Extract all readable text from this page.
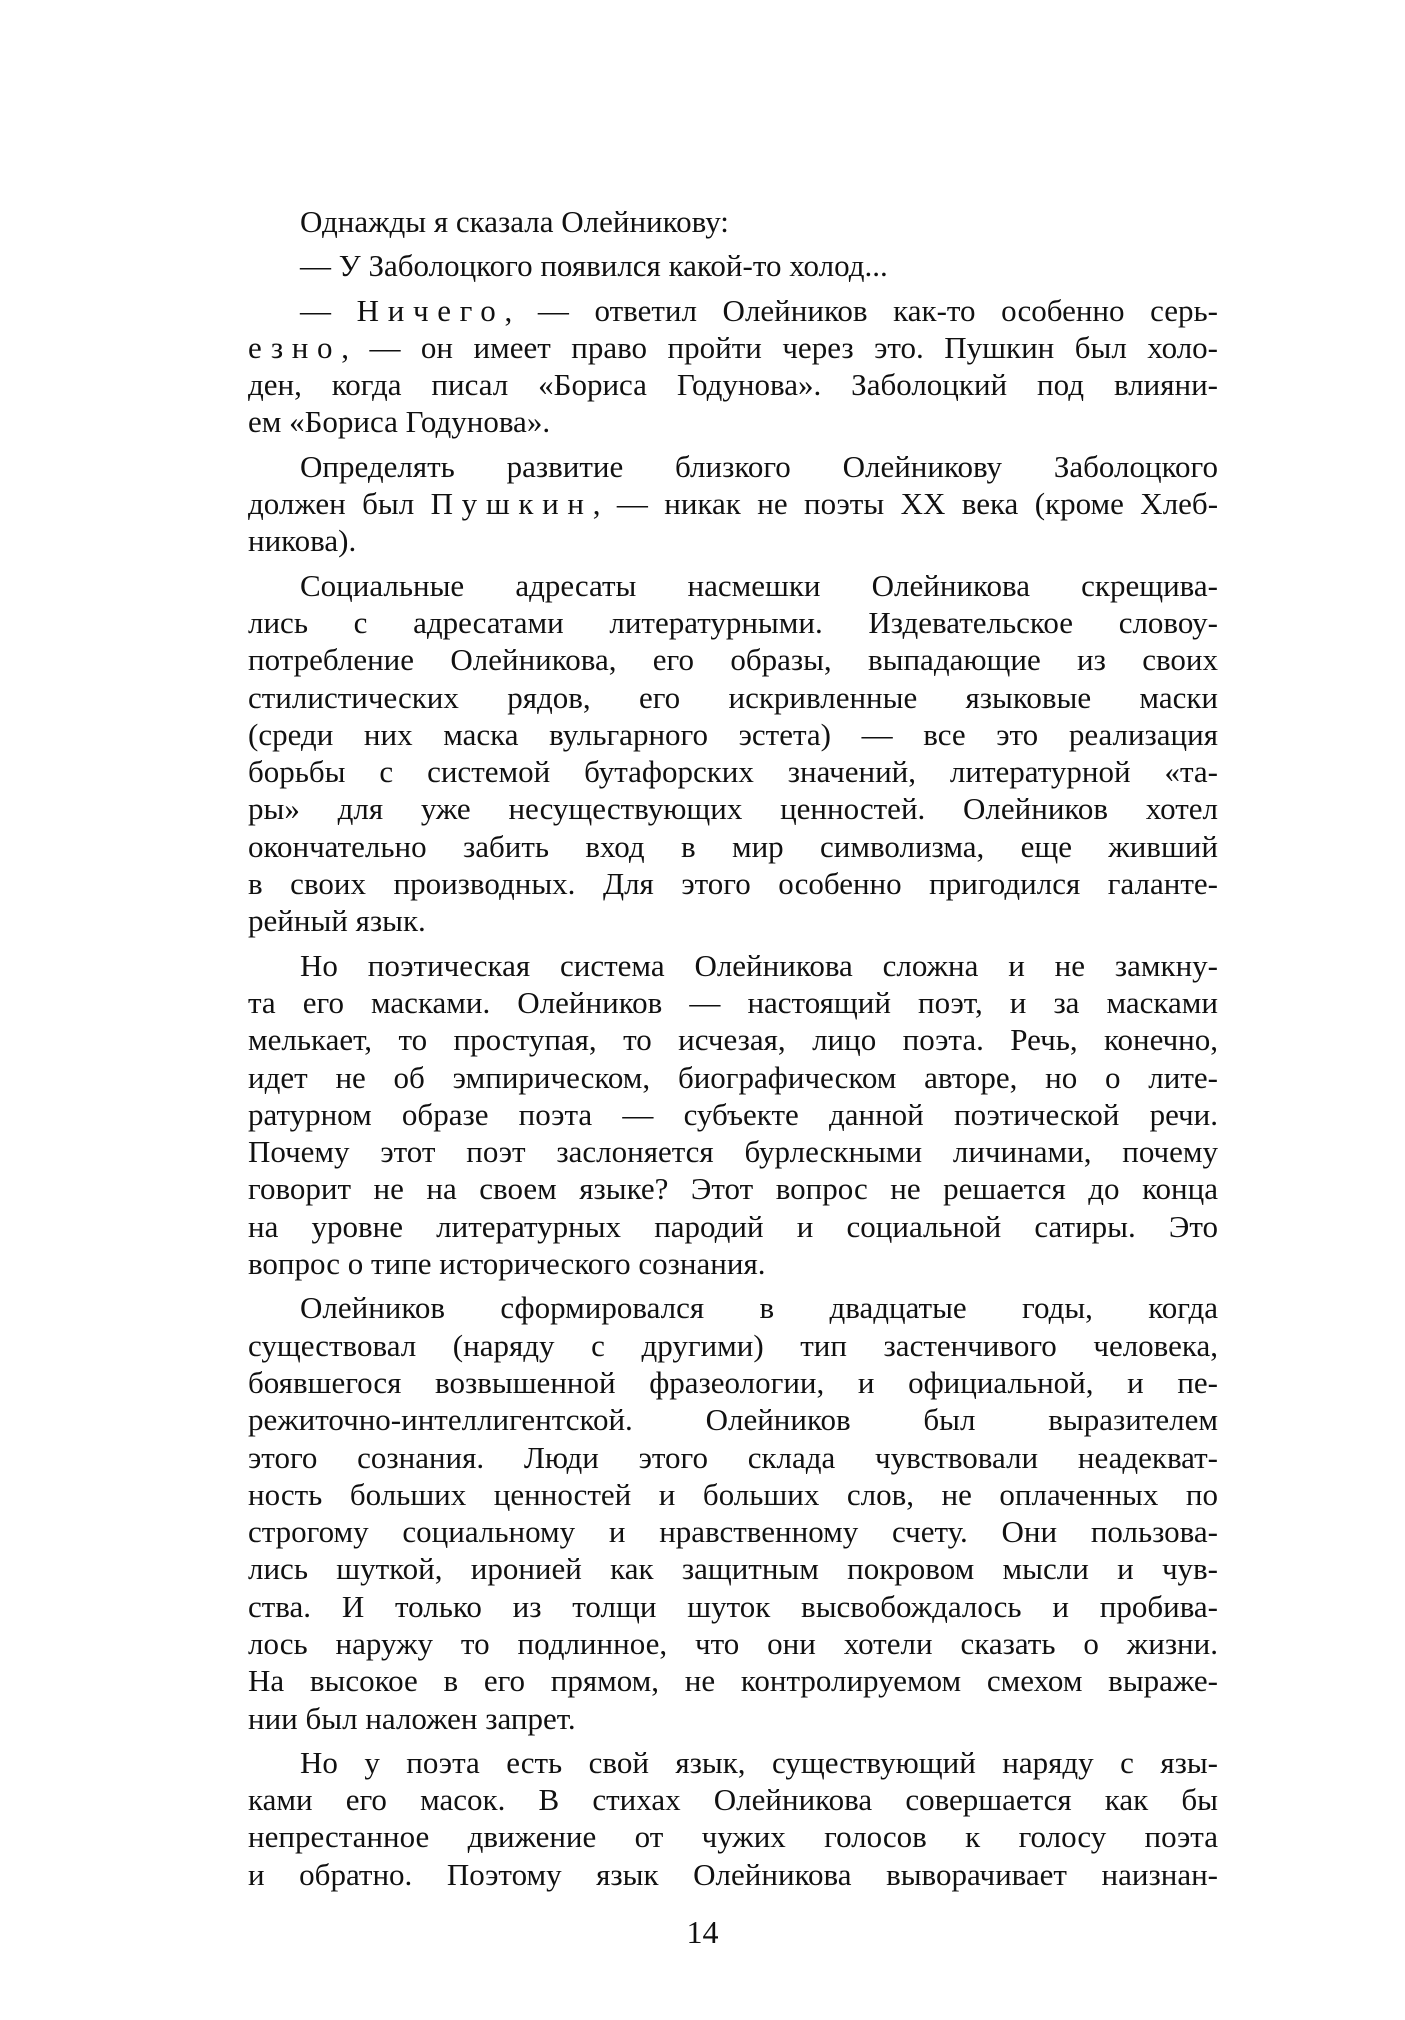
Однажды я сказала Олейникову:
— У Заболоцкого появился какой-то холод...
— Ничего, — ответил Олейников как-то особенно серь-
езно, — он имеет право пройти через это. Пушкин был холо-
ден, когда писал «Бориса Годунова». Заболоцкий под влияни-
ем «Бориса Годунова».
Определять развитие близкого Олейникову Заболоцкого
должен был Пушкин, — никак не поэты XX века (кроме Хлеб-
никова).
Социальные адресаты насмешки Олейникова скрещива-
лись с адресатами литературными. Издевательское словоу-
потребление Олейникова, его образы, выпадающие из своих
стилистических рядов, его искривленные языковые маски
(среди них маска вульгарного эстета) — все это реализация
борьбы с системой бутафорских значений, литературной «та-
ры» для уже несуществующих ценностей. Олейников хотел
окончательно забить вход в мир символизма, еще живший
в своих производных. Для этого особенно пригодился галанте-
рейный язык.
Но поэтическая система Олейникова сложна и не замкну-
та его масками. Олейников — настоящий поэт, и за масками
мелькает, то проступая, то исчезая, лицо поэта. Речь, конечно,
идет не об эмпирическом, биографическом авторе, но о лите-
ратурном образе поэта — субъекте данной поэтической речи.
Почему этот поэт заслоняется бурлескными личинами, почему
говорит не на своем языке? Этот вопрос не решается до конца
на уровне литературных пародий и социальной сатиры. Это
вопрос о типе исторического сознания.
Олейников сформировался в двадцатые годы, когда
существовал (наряду с другими) тип застенчивого человека,
боявшегося возвышенной фразеологии, и официальной, и пе-
режиточно-интеллигентской. Олейников был выразителем
этого сознания. Люди этого склада чувствовали неадекват-
ность больших ценностей и больших слов, не оплаченных по
строгому социальному и нравственному счету. Они пользова-
лись шуткой, иронией как защитным покровом мысли и чув-
ства. И только из толщи шуток высвобождалось и пробива-
лось наружу то подлинное, что они хотели сказать о жизни.
На высокое в его прямом, не контролируемом смехом выраже-
нии был наложен запрет.
Но у поэта есть свой язык, существующий наряду с язы-
ками его масок. В стихах Олейникова совершается как бы
непрестанное движение от чужих голосов к голосу поэта
и обратно. Поэтому язык Олейникова выворачивает наизнан-
14
